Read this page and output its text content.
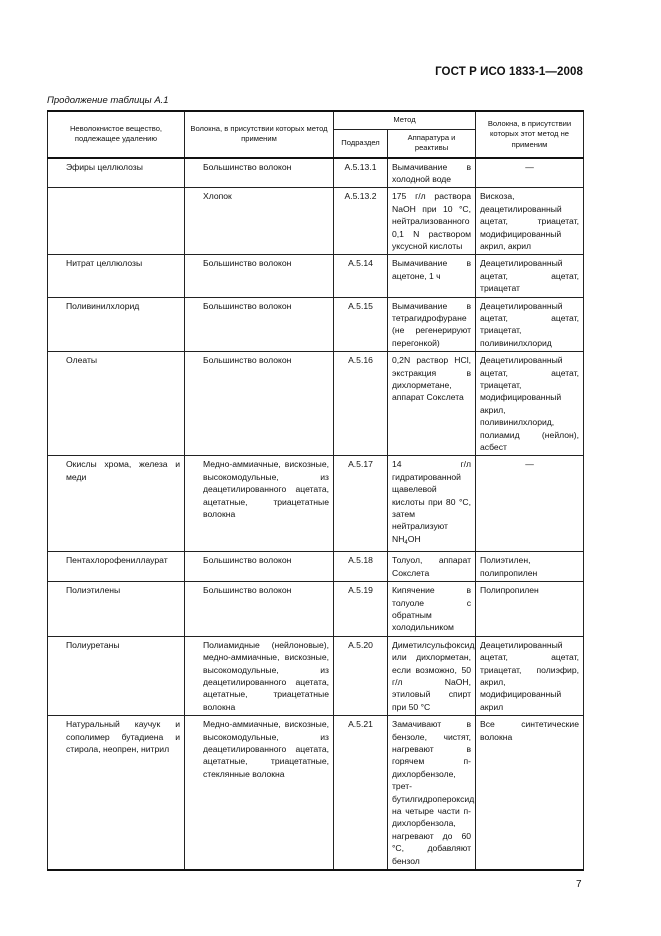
ГОСТ Р ИСО 1833-1—2008
Продолжение таблицы А.1
Неволокнистое вещество, подлежащее удалению	Волокна, в присутствии которых метод применим	Метод		Волокна, в присутствии которых этот метод не применим
		Подраздел	Аппаратура и реактивы	
Эфиры целлюлозы	Большинство волокон	А.5.13.1	Вымачивание в холодной воде	—
	Хлопок	А.5.13.2	175 г/л раствора NaOH при 10 °С, нейтрализованного 0,1 N раствором уксусной кислоты	Вискоза, деацетилированный ацетат, триацетат, модифицированный акрил, акрил
Нитрат целлюлозы	Большинство волокон	А.5.14	Вымачивание в ацетоне, 1 ч	Деацетилированный ацетат, ацетат, триацетат
Поливинилхлорид	Большинство волокон	А.5.15	Вымачивание в тетрагидрофуране (не регенерируют перегонкой)	Деацетилированный ацетат, ацетат, триацетат, поливинилхлорид
Олеаты	Большинство волокон	А.5.16	0,2N раствор HCl, экстракция в дихлорметане, аппарат Сокслета	Деацетилированный ацетат, ацетат, триацетат, модифицированный акрил, поливинилхлорид, полиамид (нейлон), асбест
Окислы хрома, железа и меди	Медно-аммиачные, вискозные, высокомодульные, из деацетилированного ацетата, ацетатные, триацетатные волокна	А.5.17	14 г/л гидратированной щавелевой кислоты при 80 °С, затем нейтрализуют $NH_4OH$	—
Пентахлорофениллаурат	Большинство волокон	А.5.18	Толуол, аппарат Сокслета	Полиэтилен, полипропилен
Полиэтилены	Большинство волокон	А.5.19	Кипячение в толуоле с обратным холодильником	Полипропилен
Полиуретаны	Полиамидные (нейлоновые), медно-аммиачные, вискозные, высокомодульные, из деацетилированного ацетата, ацетатные, триацетатные волокна	А.5.20	Диметилсульфоксид или дихлорметан, если возможно, 50 г/л NaOH, этиловый спирт при 50 °С	Деацетилированный ацетат, ацетат, триацетат, полиэфир, акрил, модифицированный акрил
Натуральный каучук и сополимер бутадиена и стирола, неопрен, нитрил	Медно-аммиачные, вискозные, высокомодульные, из деацетилированного ацетата, ацетатные, триацетатные, стеклянные волокна	А.5.21	Замачивают в бензоле, чистят, нагревают в горячем п-дихлорбензоле, трет-бутилгидропероксид на четыре части п-дихлорбензола, нагревают до 60 °С, добавляют бензол	Все синтетические волокна
7
